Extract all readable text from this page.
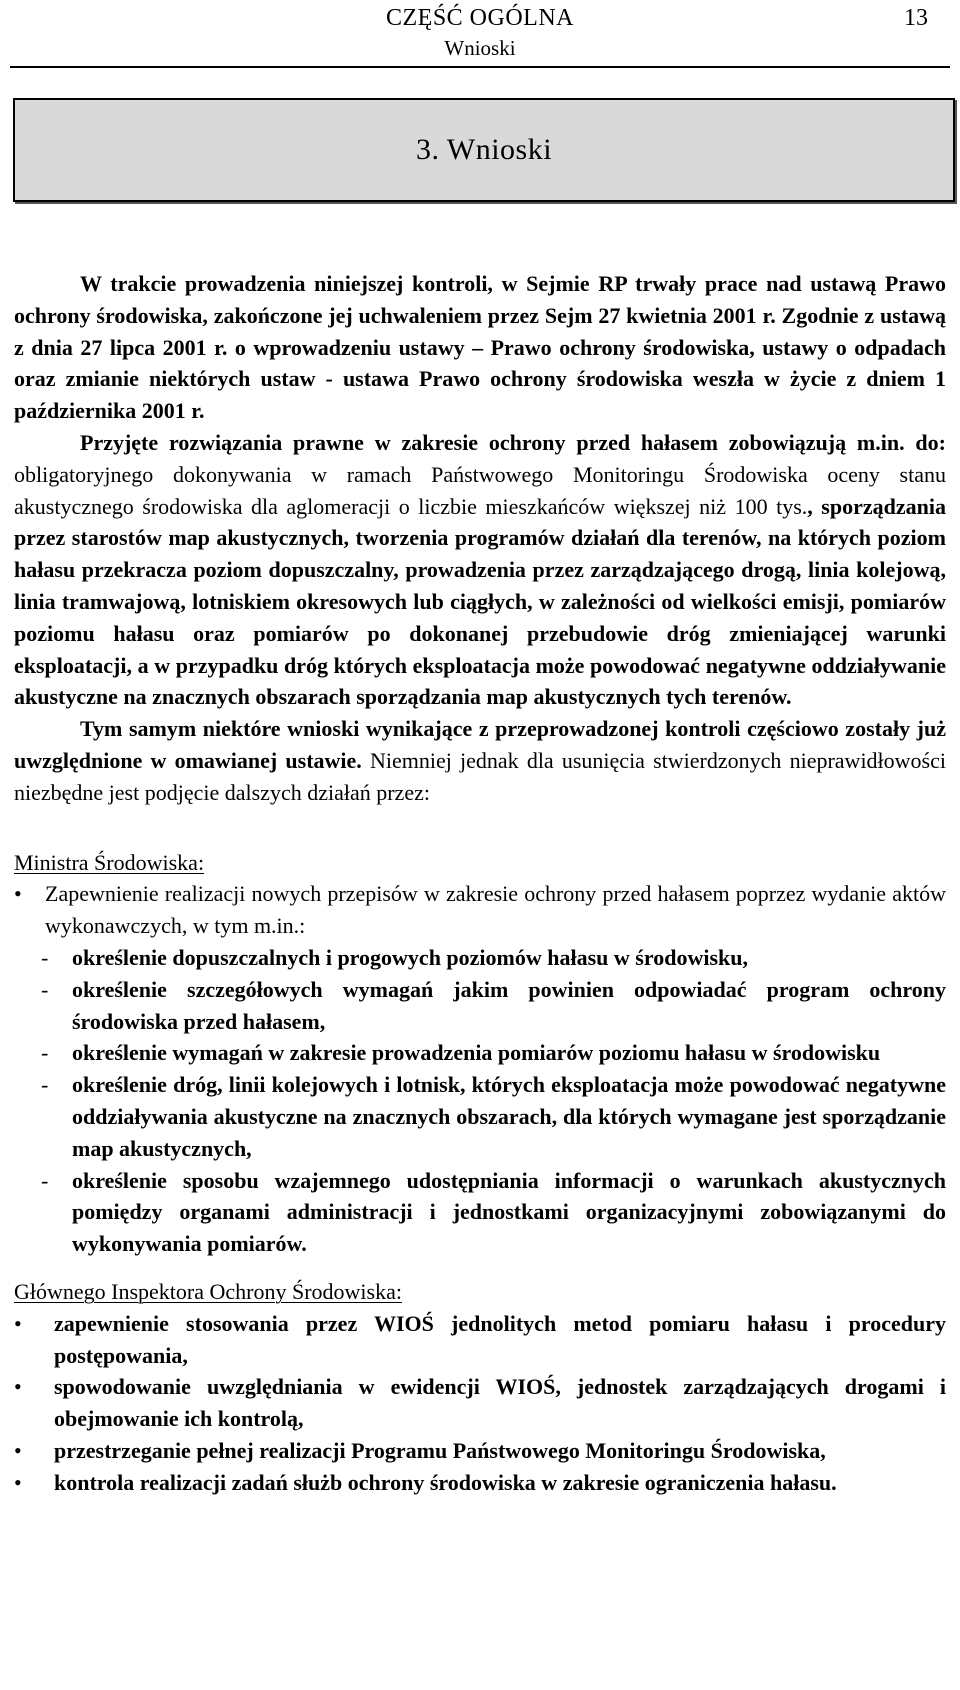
CZĘŚĆ OGÓLNA
Wnioski
13
3. Wnioski

W trakcie prowadzenia niniejszej kontroli, w Sejmie RP trwały prace nad ustawą Prawo ochrony środowiska, zakończone jej uchwaleniem przez Sejm 27 kwietnia 2001 r. Zgodnie z ustawą z dnia 27 lipca 2001 r. o wprowadzeniu ustawy – Prawo ochrony środowiska, ustawy o odpadach oraz zmianie niektórych ustaw - ustawa Prawo ochrony środowiska weszła w życie z dniem 1 października 2001 r.

Przyjęte rozwiązania prawne w zakresie ochrony przed hałasem zobowiązują m.in. do: obligatoryjnego dokonywania w ramach Państwowego Monitoringu Środowiska oceny stanu akustycznego środowiska dla aglomeracji o liczbie mieszkańców większej niż 100 tys., sporządzania przez starostów map akustycznych, tworzenia programów działań dla terenów, na których poziom hałasu przekracza poziom dopuszczalny, prowadzenia przez zarządzającego drogą, linia kolejową, linia tramwajową, lotniskiem okresowych lub ciągłych, w zależności od wielkości emisji, pomiarów poziomu hałasu oraz pomiarów po dokonanej przebudowie dróg zmieniającej warunki eksploatacji, a w przypadku dróg których eksploatacja może powodować negatywne oddziaływanie akustyczne na znacznych obszarach sporządzania map akustycznych tych terenów.

Tym samym niektóre wnioski wynikające z przeprowadzonej kontroli częściowo zostały już uwzględnione w omawianej ustawie. Niemniej jednak dla usunięcia stwierdzonych nieprawidłowości niezbędne jest podjęcie dalszych działań przez:

Ministra Środowiska:

•	Zapewnienie realizacji nowych przepisów w zakresie ochrony przed hałasem poprzez wydanie aktów wykonawczych, w tym m.in.:
-	określenie dopuszczalnych i progowych poziomów hałasu w środowisku,
-	określenie szczegółowych wymagań jakim powinien odpowiadać program ochrony środowiska przed hałasem,
-	określenie wymagań w zakresie prowadzenia pomiarów poziomu hałasu w środowisku
-	określenie dróg, linii kolejowych i lotnisk, których eksploatacja może powodować negatywne oddziaływania akustyczne na znacznych obszarach, dla których wymagane jest sporządzanie map akustycznych,
-	określenie sposobu wzajemnego udostępniania informacji o warunkach akustycznych pomiędzy organami administracji i jednostkami organizacyjnymi zobowiązanymi do wykonywania pomiarów.

Głównego Inspektora Ochrony Środowiska:

•	zapewnienie stosowania przez WIOŚ jednolitych metod pomiaru hałasu i procedury postępowania,
•	spowodowanie uwzględniania w ewidencji WIOŚ, jednostek zarządzających drogami i obejmowanie ich kontrolą,
•	przestrzeganie pełnej realizacji Programu Państwowego Monitoringu Środowiska,
•	kontrola realizacji zadań służb ochrony środowiska w zakresie ograniczenia hałasu.
